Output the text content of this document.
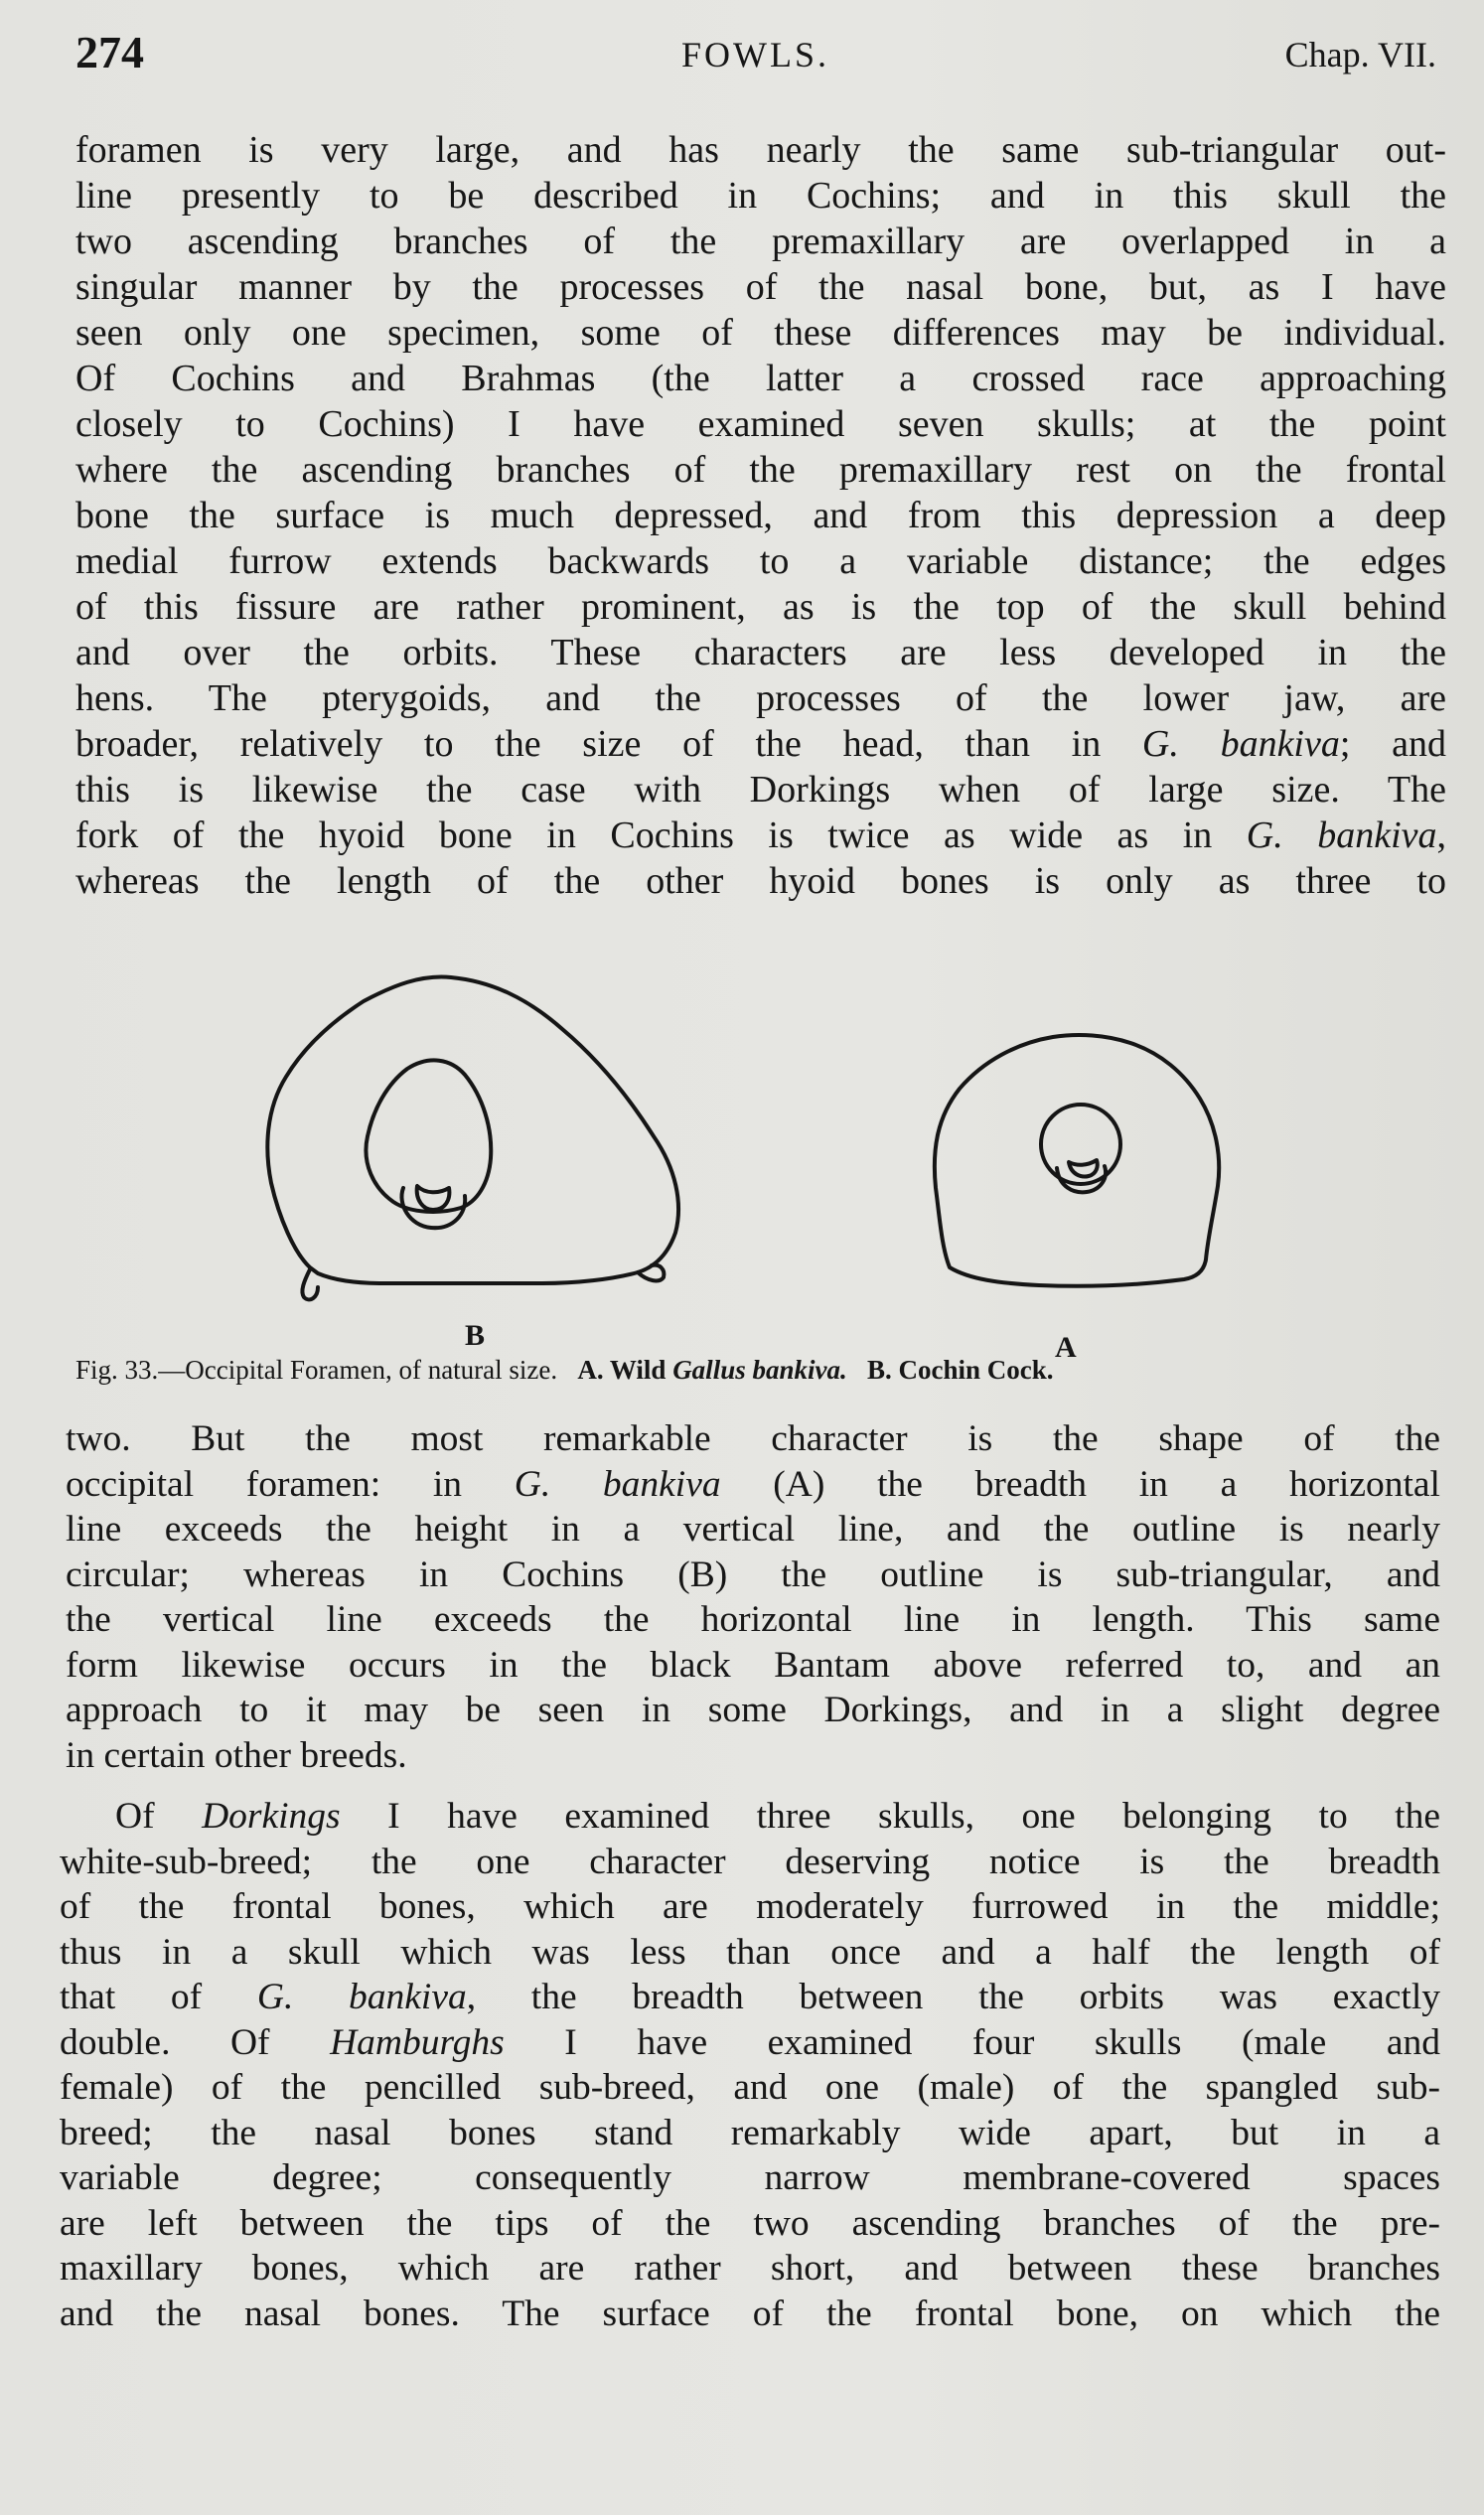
274	FOWLS.	Chap. VII.
foramen is very large, and has nearly the same sub-triangular out-
line presently to be described in Cochins; and in this skull the
two ascending branches of the premaxillary are overlapped in a
singular manner by the processes of the nasal bone, but, as I have
seen only one specimen, some of these differences may be individual.
Of Cochins and Brahmas (the latter a crossed race approaching
closely to Cochins) I have examined seven skulls; at the point
where the ascending branches of the premaxillary rest on the frontal
bone the surface is much depressed, and from this depression a deep
medial furrow extends backwards to a variable distance; the edges
of this fissure are rather prominent, as is the top of the skull behind
and over the orbits. These characters are less developed in the
hens. The pterygoids, and the processes of the lower jaw, are
broader, relatively to the size of the head, than in G. bankiva; and
this is likewise the case with Dorkings when of large size. The
fork of the hyoid bone in Cochins is twice as wide as in G. bankiva,
whereas the length of the other hyoid bones is only as three to
B	A
Fig. 33.—Occipital Foramen, of natural size. A. Wild Gallus bankiva. B. Cochin Cock.
two. But the most remarkable character is the shape of the
occipital foramen: in G. bankiva (A) the breadth in a horizontal
line exceeds the height in a vertical line, and the outline is nearly
circular; whereas in Cochins (B) the outline is sub-triangular, and
the vertical line exceeds the horizontal line in length. This same
form likewise occurs in the black Bantam above referred to, and an
approach to it may be seen in some Dorkings, and in a slight degree
in certain other breeds.
Of Dorkings I have examined three skulls, one belonging to the
white-sub-breed; the one character deserving notice is the breadth
of the frontal bones, which are moderately furrowed in the middle;
thus in a skull which was less than once and a half the length of
that of G. bankiva, the breadth between the orbits was exactly
double. Of Hamburghs I have examined four skulls (male and
female) of the pencilled sub-breed, and one (male) of the spangled sub-
breed; the nasal bones stand remarkably wide apart, but in a
variable degree; consequently narrow membrane-covered spaces
are left between the tips of the two ascending branches of the pre-
maxillary bones, which are rather short, and between these branches
and the nasal bones. The surface of the frontal bone, on which the
